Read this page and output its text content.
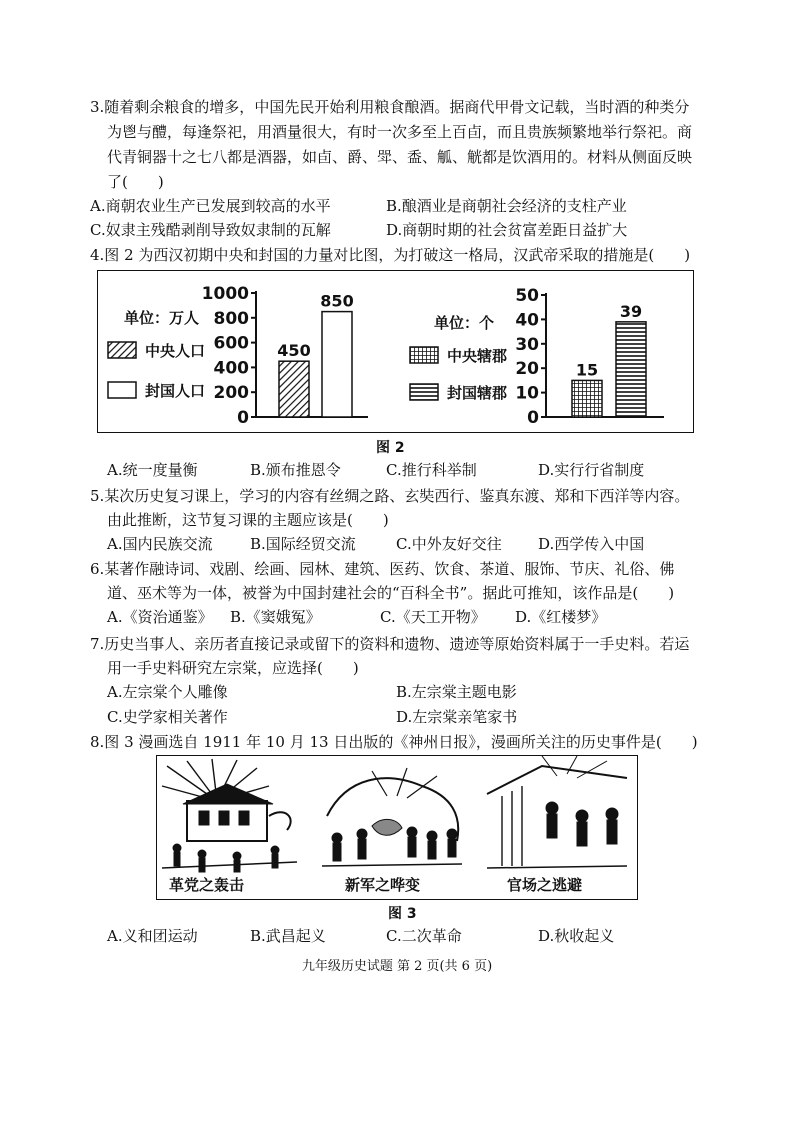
3.随着剩余粮食的增多，中国先民开始利用粮食酿酒。据商代甲骨文记载，当时酒的种类分
为鬯与醴，每逢祭祀，用酒量很大，有时一次多至上百卣，而且贵族频繁地举行祭祀。商
代青铜器十之七八都是酒器，如卣、爵、斝、盉、觚、觥都是饮酒用的。材料从侧面反映
了(　　)
A.商朝农业生产已发展到较高的水平	B.酿酒业是商朝社会经济的支柱产业
C.奴隶主残酷剥削导致奴隶制的瓦解	D.商朝时期的社会贫富差距日益扩大
4.图 2 为西汉初期中央和封国的力量对比图，为打破这一格局，汉武帝采取的措施是(　　)
单位：万人
中央人口
封国人口
1000
800
600
400
200
0
450
850
单位：个
中央辖郡
封国辖郡
50
40
30
20
10
0
15
39
图 2
A.统一度量衡	B.颁布推恩令	C.推行科举制	D.实行行省制度
5.某次历史复习课上，学习的内容有丝绸之路、玄奘西行、鉴真东渡、郑和下西洋等内容。
由此推断，这节复习课的主题应该是(　　)
A.国内民族交流 B.国际经贸交流	C.中外友好交往 D.西学传入中国
6.某著作融诗词、戏剧、绘画、园林、建筑、医药、饮食、茶道、服饰、节庆、礼俗、佛
道、巫术等为一体，被誉为中国封建社会的“百科全书”。据此可推知，该作品是(　　)
A.《资治通鉴》 B.《窦娥冤》	C.《天工开物》 D.《红楼梦》
7.历史当事人、亲历者直接记录或留下的资料和遗物、遗迹等原始资料属于一手史料。若运
用一手史料研究左宗棠，应选择(　　)
A.左宗棠个人雕像	B.左宗棠主题电影
C.史学家相关著作	D.左宗棠亲笔家书
8.图 3 漫画选自 1911 年 10 月 13 日出版的《神州日报》，漫画所关注的历史事件是(　　)
革党之轰击	新军之哗变	官场之逃避
图 3
A.义和团运动	B.武昌起义	C.二次革命	D.秋收起义
九年级历史试题 第 2 页(共 6 页)
